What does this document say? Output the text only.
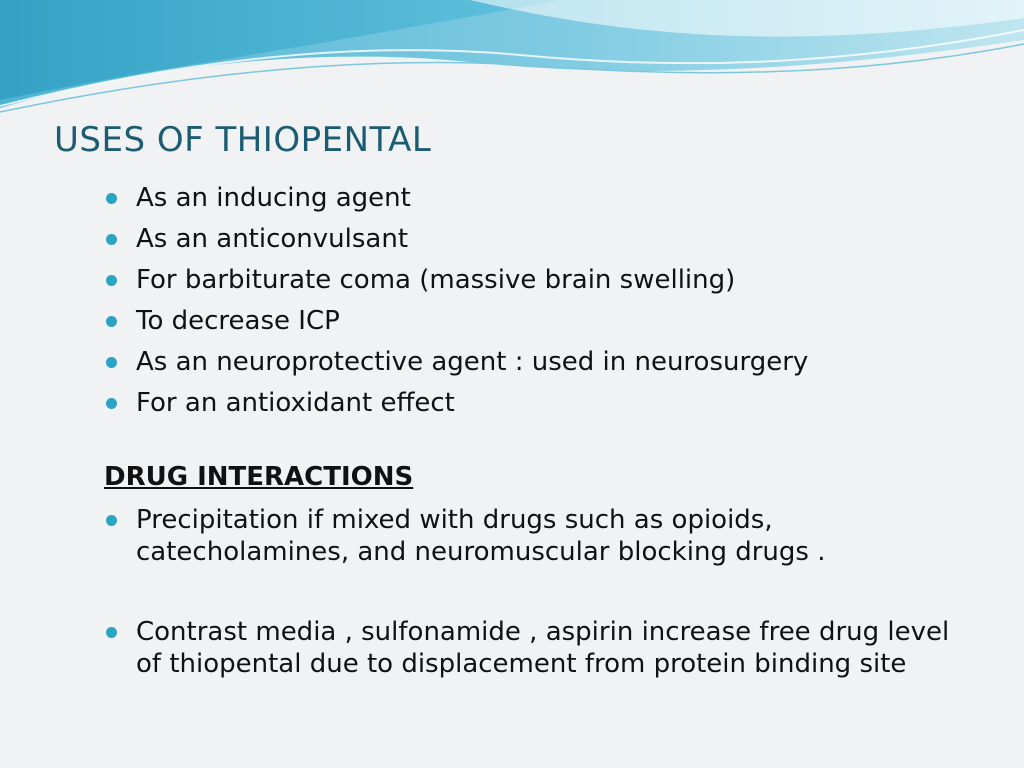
USES OF THIOPENTAL
As an inducing agent
As an anticonvulsant
For barbiturate coma (massive brain swelling)
To decrease ICP
As an neuroprotective agent : used in neurosurgery
For an antioxidant effect
DRUG INTERACTIONS
Precipitation if mixed with drugs such as opioids, catecholamines, and neuromuscular blocking drugs .
Contrast media , sulfonamide , aspirin increase free drug level of thiopental due to displacement from protein binding site
